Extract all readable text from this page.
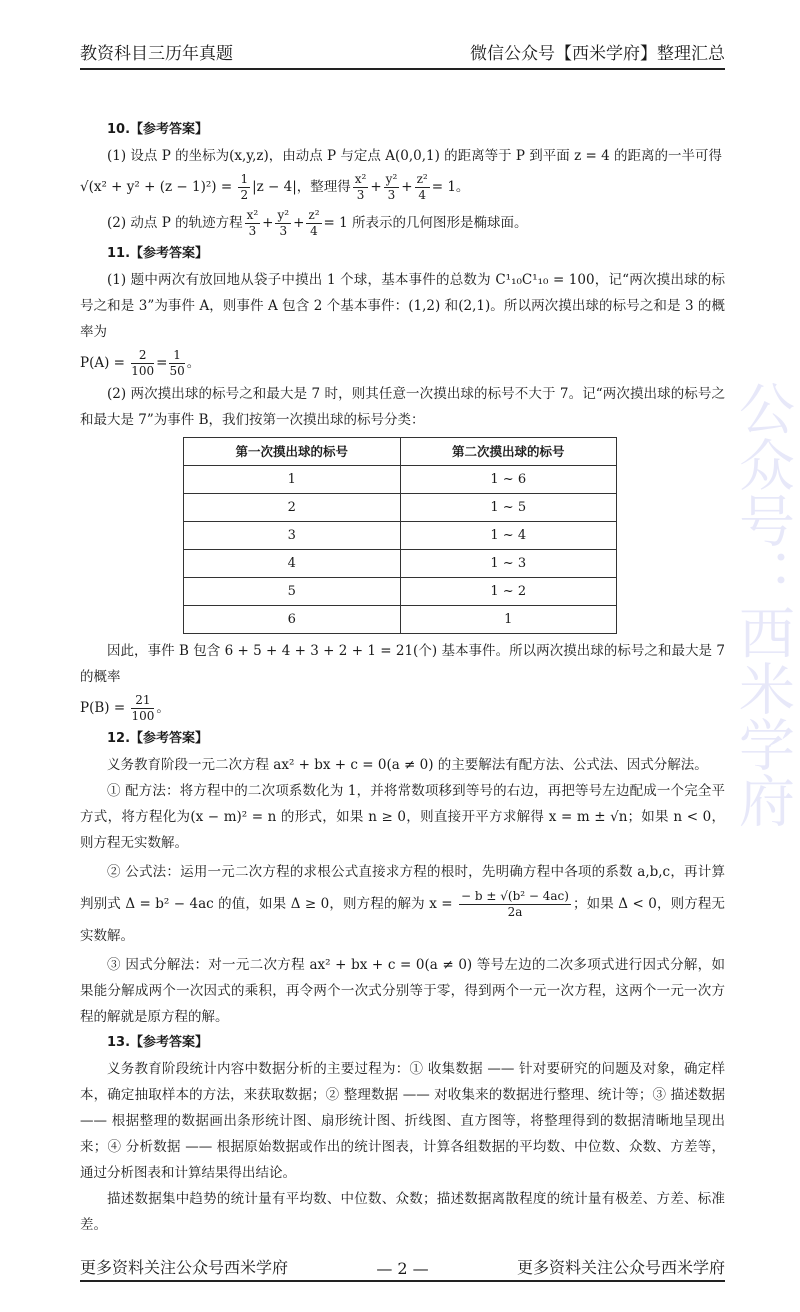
教资科目三历年真题	微信公众号【西米学府】整理汇总
公众号：西米学府

10.【参考答案】

(1) 设点 P 的坐标为(x,y,z)，由动点 P 与定点 A(0,0,1) 的距离等于 P 到平面 z = 4 的距离的一半可得

$√(x^2 + y^2 + (z - 1)^2) = \frac{1}{2} |z - 4|$，整理得 $\frac{\text{x²}}{3} + \frac{\text{y²}}{3} + \frac{\text{z²}}{4} = 1$。

(2) 动点 P 的轨迹方程 $\frac{\text{x²}}{3} + \frac{\text{y²}}{3} + \frac{\text{z²}}{4} = 1$ 所表示的几何图形是椭球面。

11.【参考答案】

(1) 题中两次有放回地从袋子中摸出 1 个球，基本事件的总数为 C¹₁₀C¹₁₀ = 100，记“两次摸出球的标号之和是 3”为事件 A，则事件 A 包含 2 个基本事件：(1,2) 和(2,1)。所以两次摸出球的标号之和是 3 的概率为

$P(A) = \frac{2}{100} = \frac{1}{50}$ 。

(2) 两次摸出球的标号之和最大是 7 时，则其任意一次摸出球的标号不大于 7。记“两次摸出球的标号之和最大是 7”为事件 B，我们按第一次摸出球的标号分类：

第一次摸出球的标号	第二次摸出球的标号
1	1 ~ 6
2	1 ~ 5
3	1 ~ 4
4	1 ~ 3
5	1 ~ 2
6	1

因此，事件 B 包含 6 + 5 + 4 + 3 + 2 + 1 = 21(个) 基本事件。所以两次摸出球的标号之和最大是 7 的概率

$P(B) = \frac{21}{100}$ 。

12.【参考答案】

义务教育阶段一元二次方程 ax² + bx + c = 0(a ≠ 0) 的主要解法有配方法、公式法、因式分解法。

① 配方法：将方程中的二次项系数化为 1，并将常数项移到等号的右边，再把等号左边配成一个完全平方式，将方程化为(x − m)² = n 的形式，如果 n ≥ 0，则直接开平方求解得 x = m ± √n；如果 n < 0，则方程无实数解。

② 公式法：运用一元二次方程的求根公式直接求方程的根时，先明确方程中各项的系数 a,b,c，再计算判别式 Δ = b² − 4ac 的值，如果 Δ ≥ 0，则方程的解为 $x = \frac{\text{− b ± √(b² − 4ac)}}{2a}$ ；如果 Δ < 0，则方程无实数解。

③ 因式分解法：对一元二次方程 ax² + bx + c = 0(a ≠ 0) 等号左边的二次多项式进行因式分解，如果能分解成两个一次因式的乘积，再令两个一次式分别等于零，得到两个一元一次方程，这两个一元一次方程的解就是原方程的解。

13.【参考答案】

义务教育阶段统计内容中数据分析的主要过程为：① 收集数据 —— 针对要研究的问题及对象，确定样本，确定抽取样本的方法，来获取数据；② 整理数据 —— 对收集来的数据进行整理、统计等；③ 描述数据 —— 根据整理的数据画出条形统计图、扇形统计图、折线图、直方图等，将整理得到的数据清晰地呈现出来；④ 分析数据 —— 根据原始数据或作出的统计图表，计算各组数据的平均数、中位数、众数、方差等，通过分析图表和计算结果得出结论。

描述数据集中趋势的统计量有平均数、中位数、众数；描述数据离散程度的统计量有极差、方差、标准差。

更多资料关注公众号西米学府	— 2 —	更多资料关注公众号西米学府
